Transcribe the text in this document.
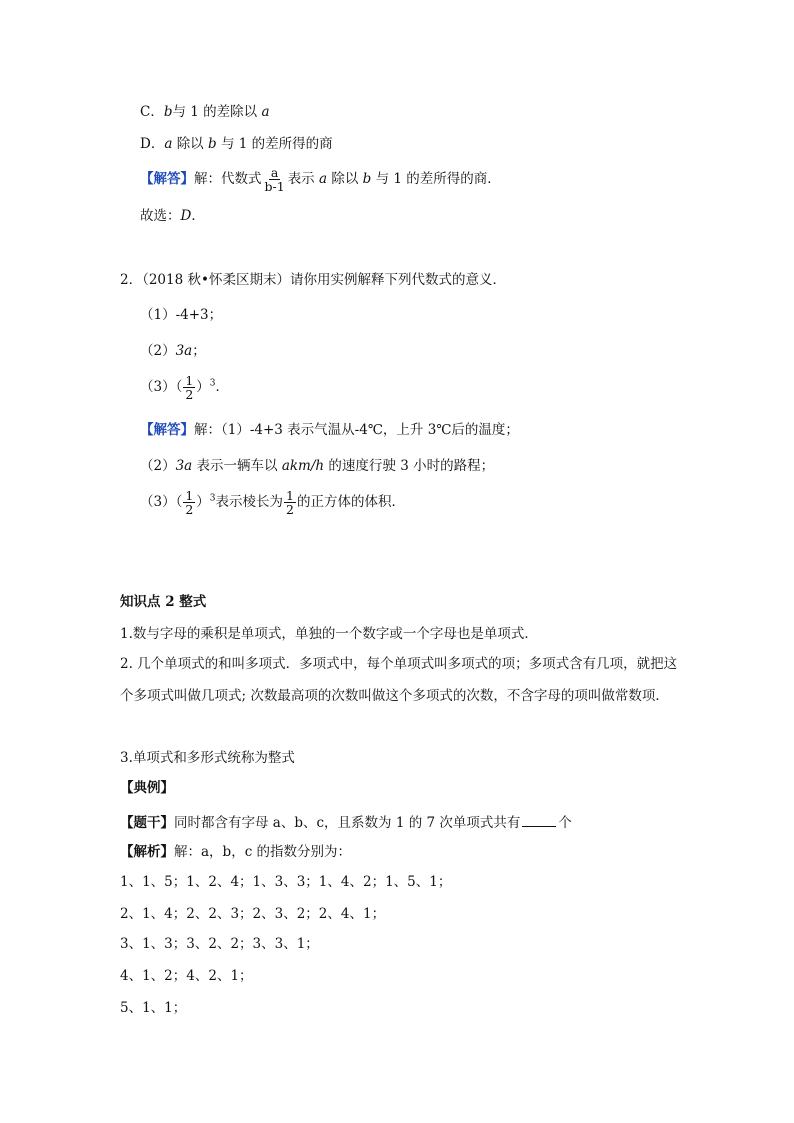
C．b与 1 的差除以 a
D．a 除以 b 与 1 的差所得的商
【解答】解：代数式 $\frac{a}{b-1}$ 表示 a 除以 b 与 1 的差所得的商．
故选：D．
2．（2018 秋•怀柔区期末）请你用实例解释下列代数式的意义．
（1）-4+3；
（2）3a；
$(3)( \frac{1}{2} )^3$．
【解答】解：（1）-4+3 表示气温从-4℃，上升 3℃后的温度；
（2）3a 表示一辆车以 akm/h 的速度行驶 3 小时的路程；
$(3)( \frac{1}{2} )^3$表示棱长为 $\frac{1}{2}$ 的正方体的体积．
知识点 2 整式
1.数与字母的乘积是单项式，单独的一个数字或一个字母也是单项式．
2. 几个单项式的和叫多项式．多项式中，每个单项式叫多项式的项；多项式含有几项，就把这个多项式叫做几项式; 次数最高项的次数叫做这个多项式的次数，不含字母的项叫做常数项．
3.单项式和多形式统称为整式
【典例】
【题干】同时都含有字母 a、b、c，且系数为 1 的 7 次单项式共有	个
【解析】解：a，b，c 的指数分别为：
1、1、5；1、2、4；1、3、3；1、4、2；1、5、1；
2、1、4；2、2、3；2、3、2；2、4、1；
3、1、3；3、2、2；3、3、1；
4、1、2；4、2、1；
5、1、1；
